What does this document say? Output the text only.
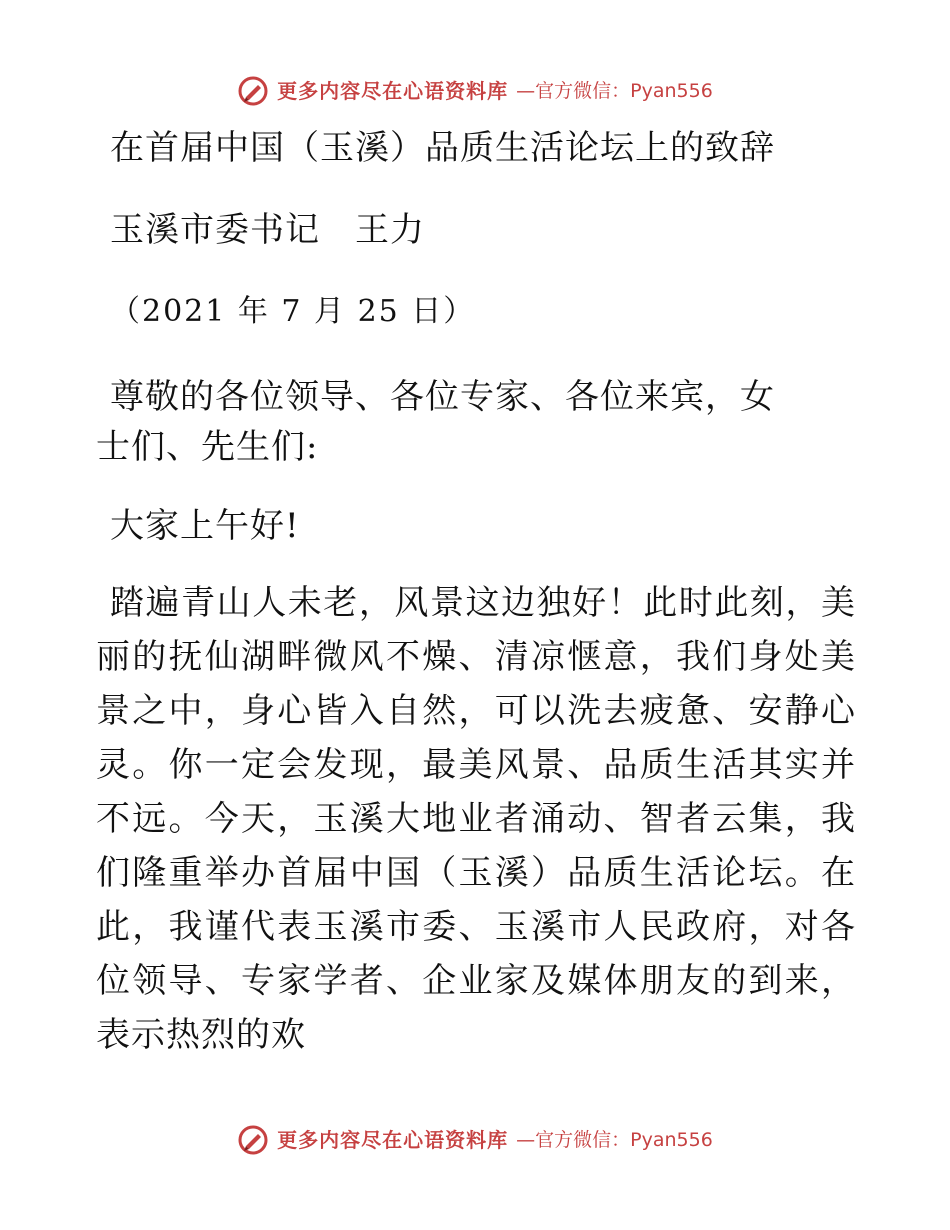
更多内容尽在心语资料库 —官方微信：Pyan556

在首届中国（玉溪）品质生活论坛上的致辞

玉溪市委书记　王力

（2021 年 7 月 25 日）

尊敬的各位领导、各位专家、各位来宾，女士们、先生们:

大家上午好!

踏遍青山人未老，风景这边独好！此时此刻，美丽的抚仙湖畔微风不燥、清凉惬意，我们身处美景之中，身心皆入自然，可以洗去疲惫、安静心灵。你一定会发现，最美风景、品质生活其实并不远。今天，玉溪大地业者涌动、智者云集，我们隆重举办首届中国（玉溪）品质生活论坛。在此，我谨代表玉溪市委、玉溪市人民政府，对各位领导、专家学者、企业家及媒体朋友的到来，表示热烈的欢

更多内容尽在心语资料库 —官方微信：Pyan556
